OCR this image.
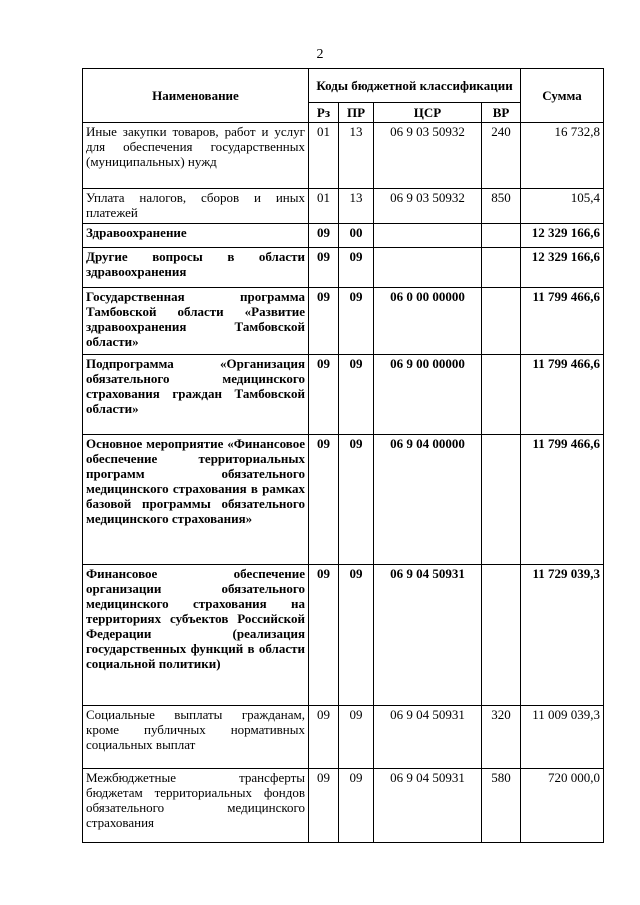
2
Наименование	Коды бюджетной классификации				Сумма
	Рз	ПР	ЦСР	ВР	
Иные закупки товаров, работ и услуг для обеспечения государственных (муниципальных) нужд	01	13	06 9 03 50932	240	16 732,8
Уплата налогов, сборов и иных платежей	01	13	06 9 03 50932	850	105,4
Здравоохранение	09	00			12 329 166,6
Другие вопросы в области здравоохранения	09	09			12 329 166,6
Государственная программа Тамбовской области «Развитие здравоохранения Тамбовской области»	09	09	06 0 00 00000		11 799 466,6
Подпрограмма «Организация обязательного медицинского страхования граждан Тамбовской области»	09	09	06 9 00 00000		11 799 466,6
Основное мероприятие «Финансовое обеспечение территориальных программ обязательного медицинского страхования в рамках базовой программы обязательного медицинского страхования»	09	09	06 9 04 00000		11 799 466,6
Финансовое обеспечение организации обязательного медицинского страхования на территориях субъектов Российской Федерации (реализация государственных функций в области социальной политики)	09	09	06 9 04 50931		11 729 039,3
Социальные выплаты гражданам, кроме публичных нормативных социальных выплат	09	09	06 9 04 50931	320	11 009 039,3
Межбюджетные трансферты бюджетам территориальных фондов обязательного медицинского страхования	09	09	06 9 04 50931	580	720 000,0
